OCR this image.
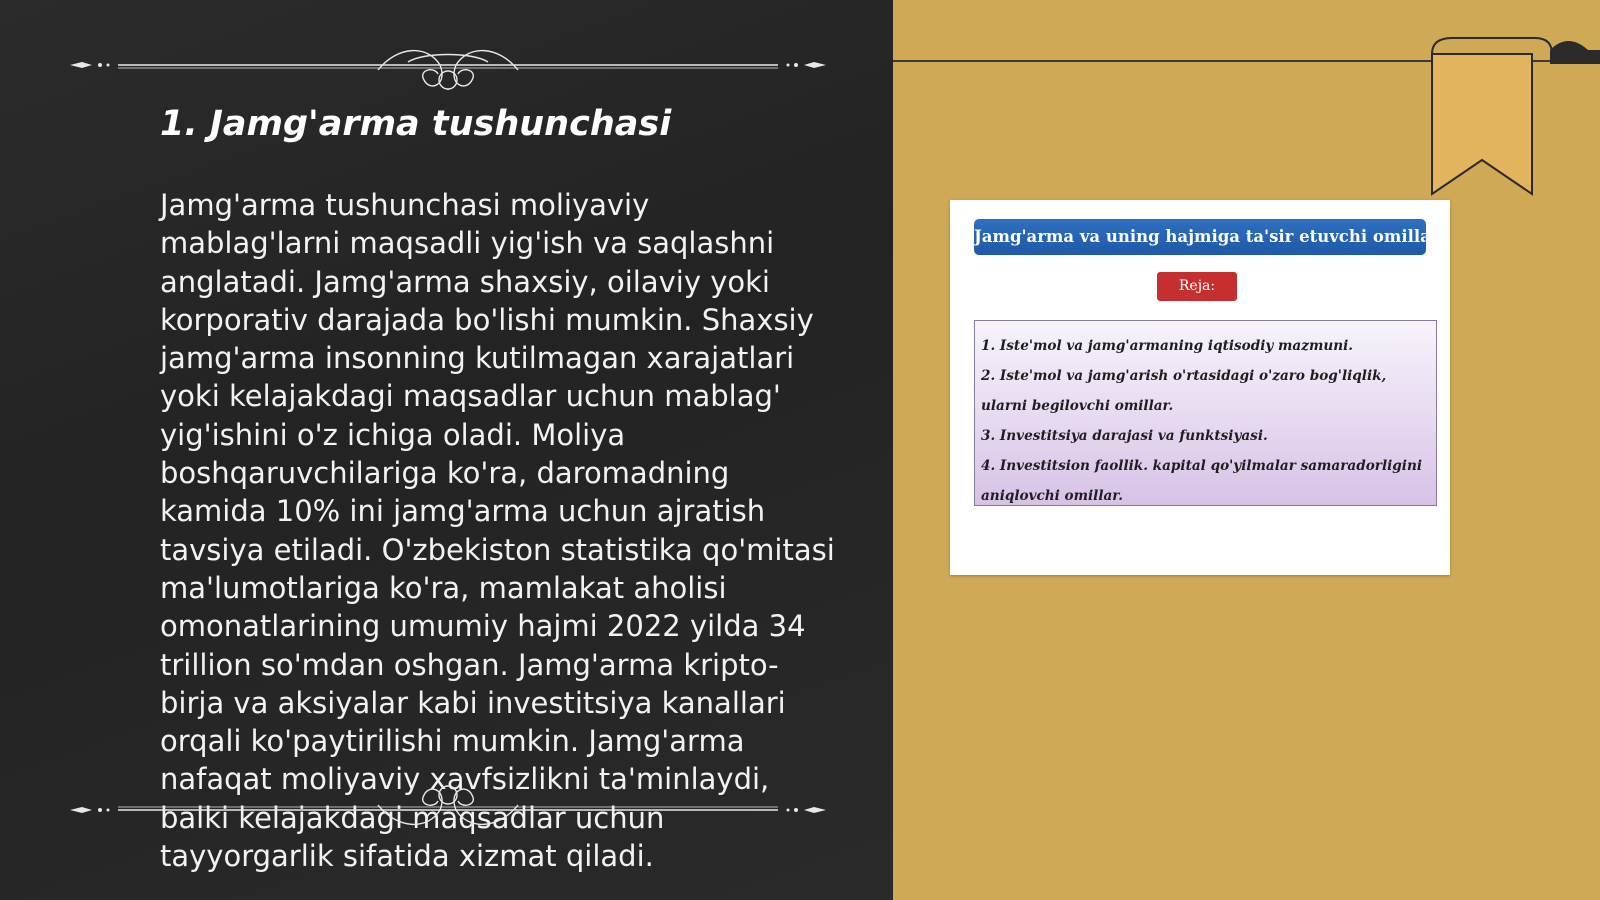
1. Jamg'arma tushunchasi

Jamg'arma tushunchasi moliyaviy mablag'larni maqsadli yig'ish va saqlashni anglatadi. Jamg'arma shaxsiy, oilaviy yoki korporativ darajada bo'lishi mumkin. Shaxsiy jamg'arma insonning kutilmagan xarajatlari yoki kelajakdagi maqsadlar uchun mablag' yig'ishini o'z ichiga oladi. Moliya boshqaruvchilariga ko'ra, daromadning kamida 10% ini jamg'arma uchun ajratish tavsiya etiladi. O'zbekiston statistika qo'mitasi ma'lumotlariga ko'ra, mamlakat aholisi omonatlarining umumiy hajmi 2022 yilda 34 trillion so'mdan oshgan. Jamg'arma kripto-birja va aksiyalar kabi investitsiya kanallari orqali ko'paytirilishi mumkin. Jamg'arma nafaqat moliyaviy xavfsizlikni ta'minlaydi, balki kelajakdagi maqsadlar uchun tayyorgarlik sifatida xizmat qiladi.

Jamg'arma va uning hajmiga ta'sir etuvchi omillar
Reja:
1. Iste'mol va jamg'armaning iqtisodiy mazmuni.
2. Iste'mol va jamg'arish o'rtasidagi o'zaro bog'liqlik, ularni begilovchi omillar.
3. Investitsiya darajasi va funktsiyasi.
4. Investitsion faollik. kapital qo'yilmalar samaradorligini aniqlovchi omillar.
